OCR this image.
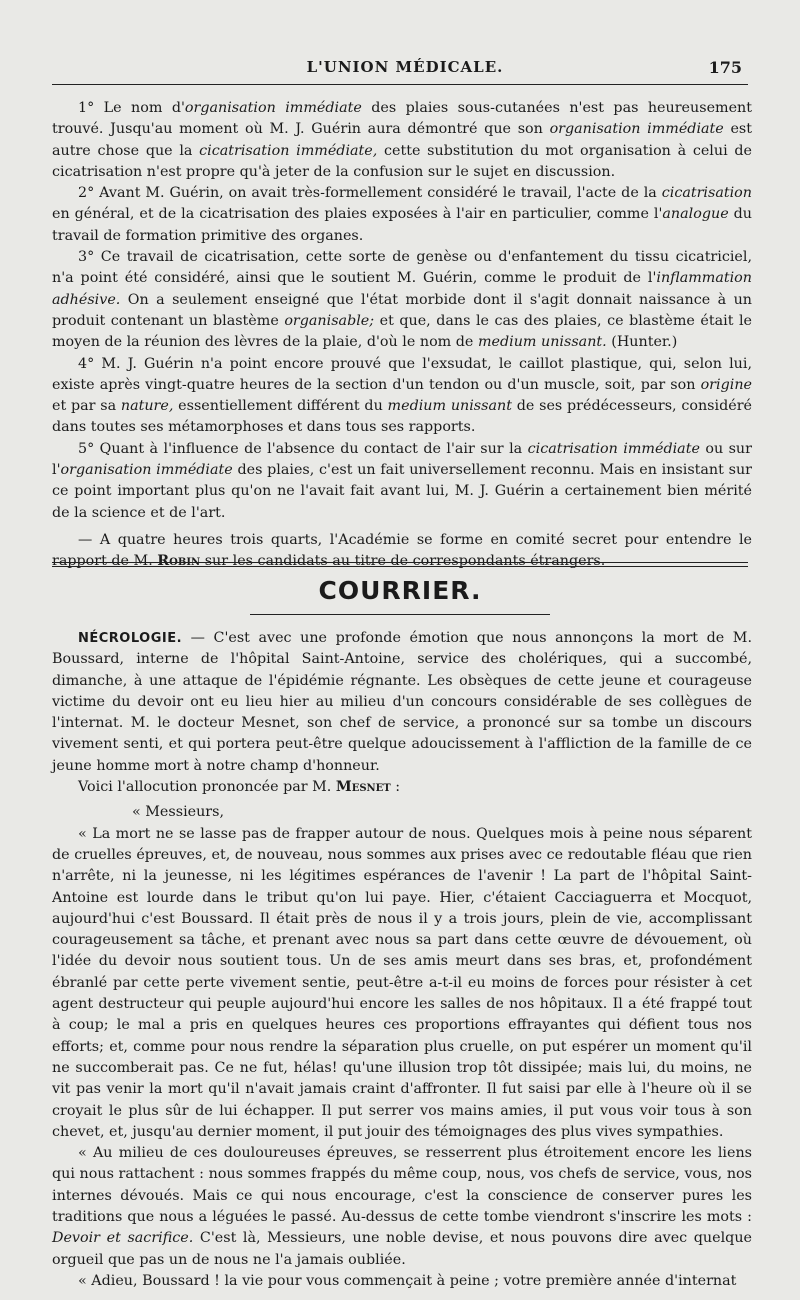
L'UNION MÉDICALE.	175

1° Le nom d'organisation immédiate des plaies sous-cutanées n'est pas heureusement trouvé. Jusqu'au moment où M. J. Guérin aura démontré que son organisation immédiate est autre chose que la cicatrisation immédiate, cette substitution du mot organisation à celui de cicatrisation n'est propre qu'à jeter de la confusion sur le sujet en discussion.

2° Avant M. Guérin, on avait très-formellement considéré le travail, l'acte de la cicatrisation en général, et de la cicatrisation des plaies exposées à l'air en particulier, comme l'analogue du travail de formation primitive des organes.

3° Ce travail de cicatrisation, cette sorte de genèse ou d'enfantement du tissu cicatriciel, n'a point été considéré, ainsi que le soutient M. Guérin, comme le produit de l'inflammation adhésive. On a seulement enseigné que l'état morbide dont il s'agit donnait naissance à un produit contenant un blastème organisable; et que, dans le cas des plaies, ce blastème était le moyen de la réunion des lèvres de la plaie, d'où le nom de medium unissant. (Hunter.)

4° M. J. Guérin n'a point encore prouvé que l'exsudat, le caillot plastique, qui, selon lui, existe après vingt-quatre heures de la section d'un tendon ou d'un muscle, soit, par son origine et par sa nature, essentiellement différent du medium unissant de ses prédécesseurs, considéré dans toutes ses métamorphoses et dans tous ses rapports.

5° Quant à l'influence de l'absence du contact de l'air sur la cicatrisation immédiate ou sur l'organisation immédiate des plaies, c'est un fait universellement reconnu. Mais en insistant sur ce point important plus qu'on ne l'avait fait avant lui, M. J. Guérin a certainement bien mérité de la science et de l'art.

— A quatre heures trois quarts, l'Académie se forme en comité secret pour entendre le rapport de M. Robin sur les candidats au titre de correspondants étrangers.

COURRIER.

NÉCROLOGIE. — C'est avec une profonde émotion que nous annonçons la mort de M. Boussard, interne de l'hôpital Saint-Antoine, service des cholériques, qui a succombé, dimanche, à une attaque de l'épidémie régnante. Les obsèques de cette jeune et courageuse victime du devoir ont eu lieu hier au milieu d'un concours considérable de ses collègues de l'internat. M. le docteur Mesnet, son chef de service, a prononcé sur sa tombe un discours vivement senti, et qui portera peut-être quelque adoucissement à l'affliction de la famille de ce jeune homme mort à notre champ d'honneur.

Voici l'allocution prononcée par M. Mesnet :

« Messieurs,

« La mort ne se lasse pas de frapper autour de nous. Quelques mois à peine nous séparent de cruelles épreuves, et, de nouveau, nous sommes aux prises avec ce redoutable fléau que rien n'arrête, ni la jeunesse, ni les légitimes espérances de l'avenir ! La part de l'hôpital Saint-Antoine est lourde dans le tribut qu'on lui paye. Hier, c'étaient Cacciaguerra et Mocquot, aujourd'hui c'est Boussard. Il était près de nous il y a trois jours, plein de vie, accomplissant courageusement sa tâche, et prenant avec nous sa part dans cette œuvre de dévouement, où l'idée du devoir nous soutient tous. Un de ses amis meurt dans ses bras, et, profondément ébranlé par cette perte vivement sentie, peut-être a-t-il eu moins de forces pour résister à cet agent destructeur qui peuple aujourd'hui encore les salles de nos hôpitaux. Il a été frappé tout à coup; le mal a pris en quelques heures ces proportions effrayantes qui défient tous nos efforts; et, comme pour nous rendre la séparation plus cruelle, on put espérer un moment qu'il ne succomberait pas. Ce ne fut, hélas! qu'une illusion trop tôt dissipée; mais lui, du moins, ne vit pas venir la mort qu'il n'avait jamais craint d'affronter. Il fut saisi par elle à l'heure où il se croyait le plus sûr de lui échapper. Il put serrer vos mains amies, il put vous voir tous à son chevet, et, jusqu'au dernier moment, il put jouir des témoignages des plus vives sympathies.

« Au milieu de ces douloureuses épreuves, se resserrent plus étroitement encore les liens qui nous rattachent : nous sommes frappés du même coup, nous, vos chefs de service, vous, nos internes dévoués. Mais ce qui nous encourage, c'est la conscience de conserver pures les traditions que nous a léguées le passé. Au-dessus de cette tombe viendront s'inscrire les mots : Devoir et sacrifice. C'est là, Messieurs, une noble devise, et nous pouvons dire avec quelque orgueil que pas un de nous ne l'a jamais oubliée.

« Adieu, Boussard ! la vie pour vous commençait à peine ; votre première année d'internat
